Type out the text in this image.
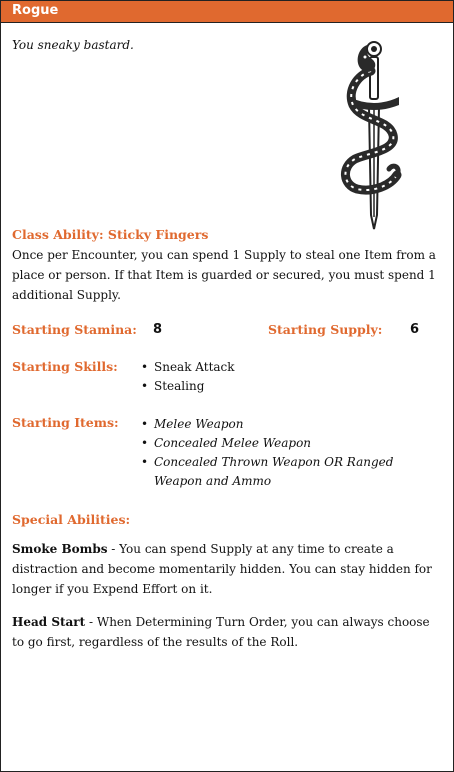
Rogue
You sneaky bastard.
Class Ability: Sticky Fingers
Once per Encounter, you can spend 1 Supply to steal one Item from a place or person. If that Item is guarded or secured, you must spend 1 additional Supply.
Starting Stamina: 8	Starting Supply: 6
Starting Skills:	• Sneak Attack
• Stealing
Starting Items:	• Melee Weapon
• Concealed Melee Weapon
• Concealed Thrown Weapon OR Ranged Weapon and Ammo
Special Abilities:
Smoke Bombs - You can spend Supply at any time to create a distraction and become momentarily hidden. You can stay hidden for longer if you Expend Effort on it.
Head Start - When Determining Turn Order, you can always choose to go first, regardless of the results of the Roll.
